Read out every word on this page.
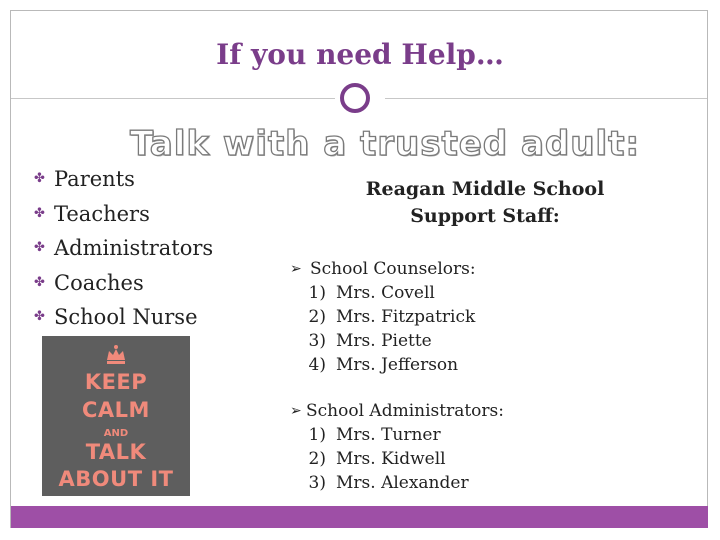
If you need Help…
Talk with a trusted adult:
✤ Parents
✤ Teachers
✤ Administrators
✤ Coaches
✤ School Nurse
KEEP
CALM
AND
TALK
ABOUT IT
Reagan Middle School
Support Staff:
➢ School Counselors:
1) Mrs. Covell
2) Mrs. Fitzpatrick
3) Mrs. Piette
4) Mrs. Jefferson
➢ School Administrators:
1) Mrs. Turner
2) Mrs. Kidwell
3) Mrs. Alexander
